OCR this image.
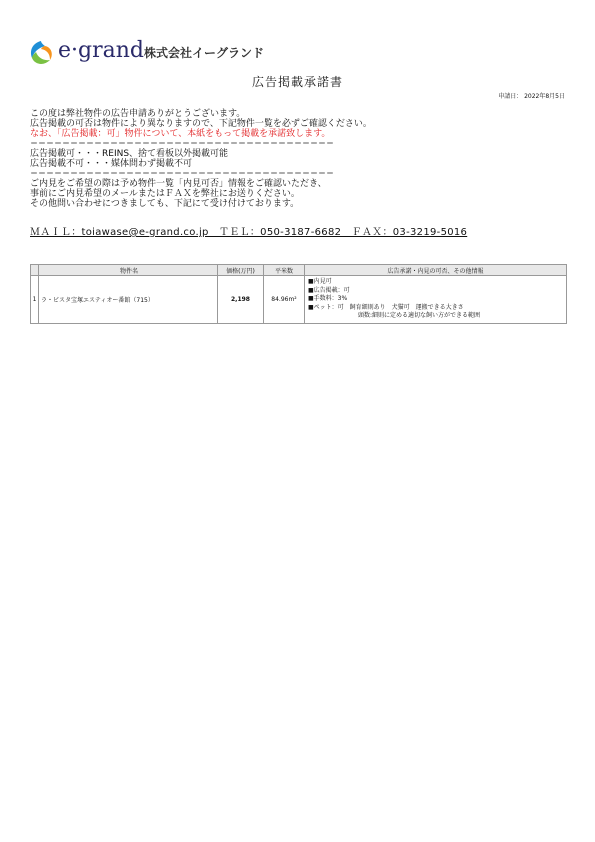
e·grand 株式会社イーグランド
広告掲載承諾書
申請日： 2022年8月5日
この度は弊社物件の広告申請ありがとうございます。
広告掲載の可否は物件により異なりますので、下記物件一覧を必ずご確認ください。
なお、「広告掲載：可」物件について、本紙をもって掲載を承諾致します。
＝＝＝＝＝＝＝＝＝＝＝＝＝＝＝＝＝＝＝＝＝＝＝＝＝＝＝＝＝＝＝＝＝＝＝＝＝＝
広告掲載可・・・REINS、捨て看板以外掲載可能
広告掲載不可・・・媒体問わず掲載不可
＝＝＝＝＝＝＝＝＝＝＝＝＝＝＝＝＝＝＝＝＝＝＝＝＝＝＝＝＝＝＝＝＝＝＝＝＝＝
ご内見をご希望の際は予め物件一覧「内見可否」情報をご確認いただき、
事前にご内見希望のメールまたはＦＡＸを弊社にお送りください。
その他問い合わせにつきましても、下記にて受け付けております。
ＭＡＩＬ：toiawase@e-grand.co.jp　ＴＥＬ：050-3187-6682　ＦＡＸ：03-3219-5016
	物件名	価格(万円)	平米数	広告承諾・内見の可否、その他情報
1	ラ・ビスタ宝塚エスティオー番館（715）	2,198	84.96m²	■内見可
■広告掲載：可
■手数料：3%
■ペット：可　飼育細則あり　犬猫可　運搬できる大きさ
頭数:細則に定める適切な飼い方ができる範囲
